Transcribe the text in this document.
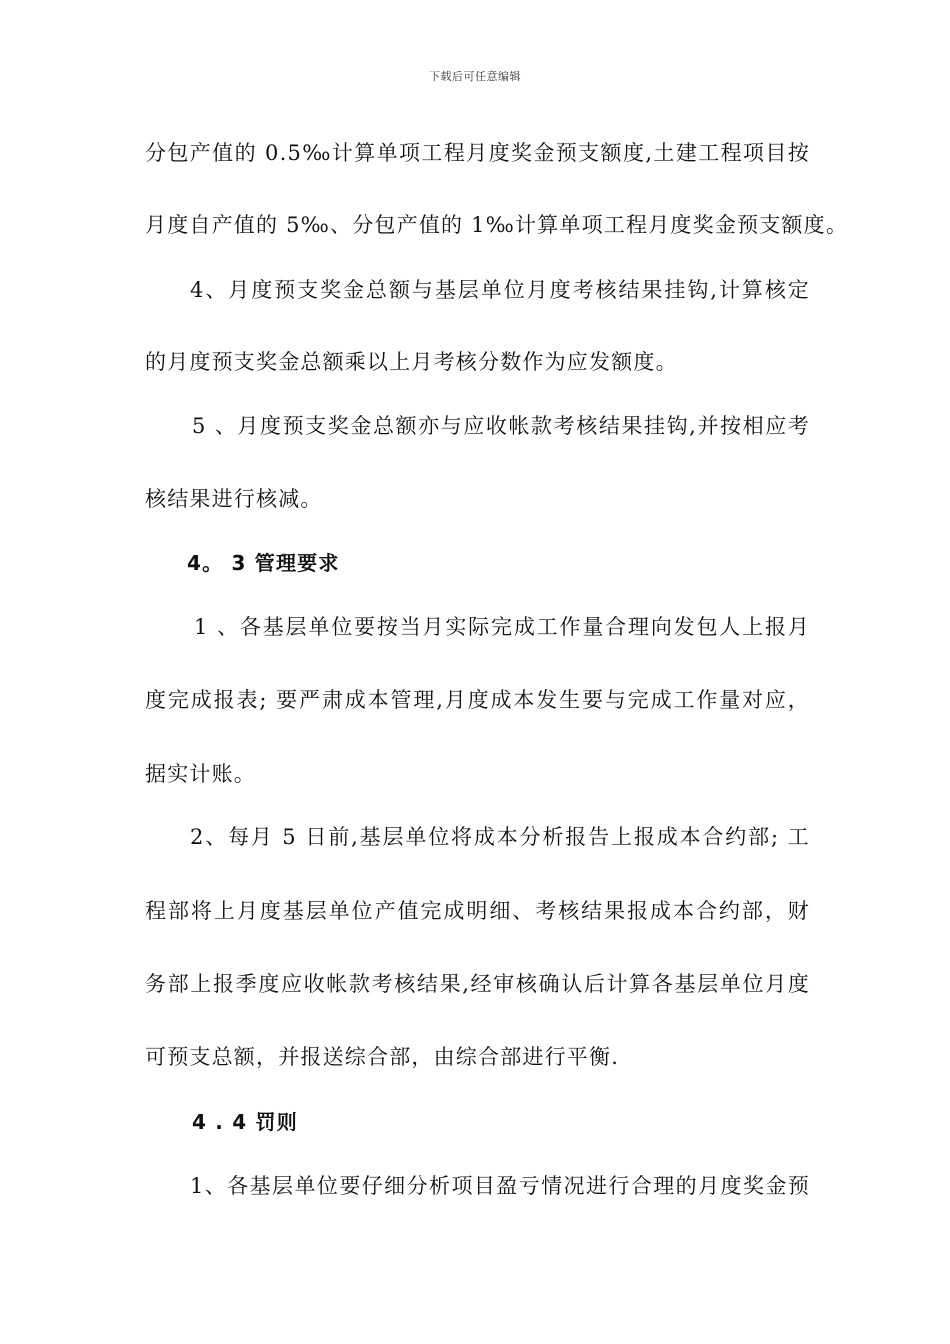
下载后可任意编辑
分包产值的 0.5‰计算单项工程月度奖金预支额度,土建工程项目按
月度自产值的 5‰、分包产值的 1‰计算单项工程月度奖金预支额度。
4、月度预支奖金总额与基层单位月度考核结果挂钩,计算核定
的月度预支奖金总额乘以上月考核分数作为应发额度。
5 、月度预支奖金总额亦与应收帐款考核结果挂钩,并按相应考
核结果进行核减。
4。 3 管理要求
1 、各基层单位要按当月实际完成工作量合理向发包人上报月
度完成报表; 要严肃成本管理,月度成本发生要与完成工作量对应，
据实计账。
2、每月 5 日前,基层单位将成本分析报告上报成本合约部; 工
程部将上月度基层单位产值完成明细、考核结果报成本合约部，财
务部上报季度应收帐款考核结果,经审核确认后计算各基层单位月度
可预支总额，并报送综合部，由综合部进行平衡.
4 . 4 罚则
1、各基层单位要仔细分析项目盈亏情况进行合理的月度奖金预
